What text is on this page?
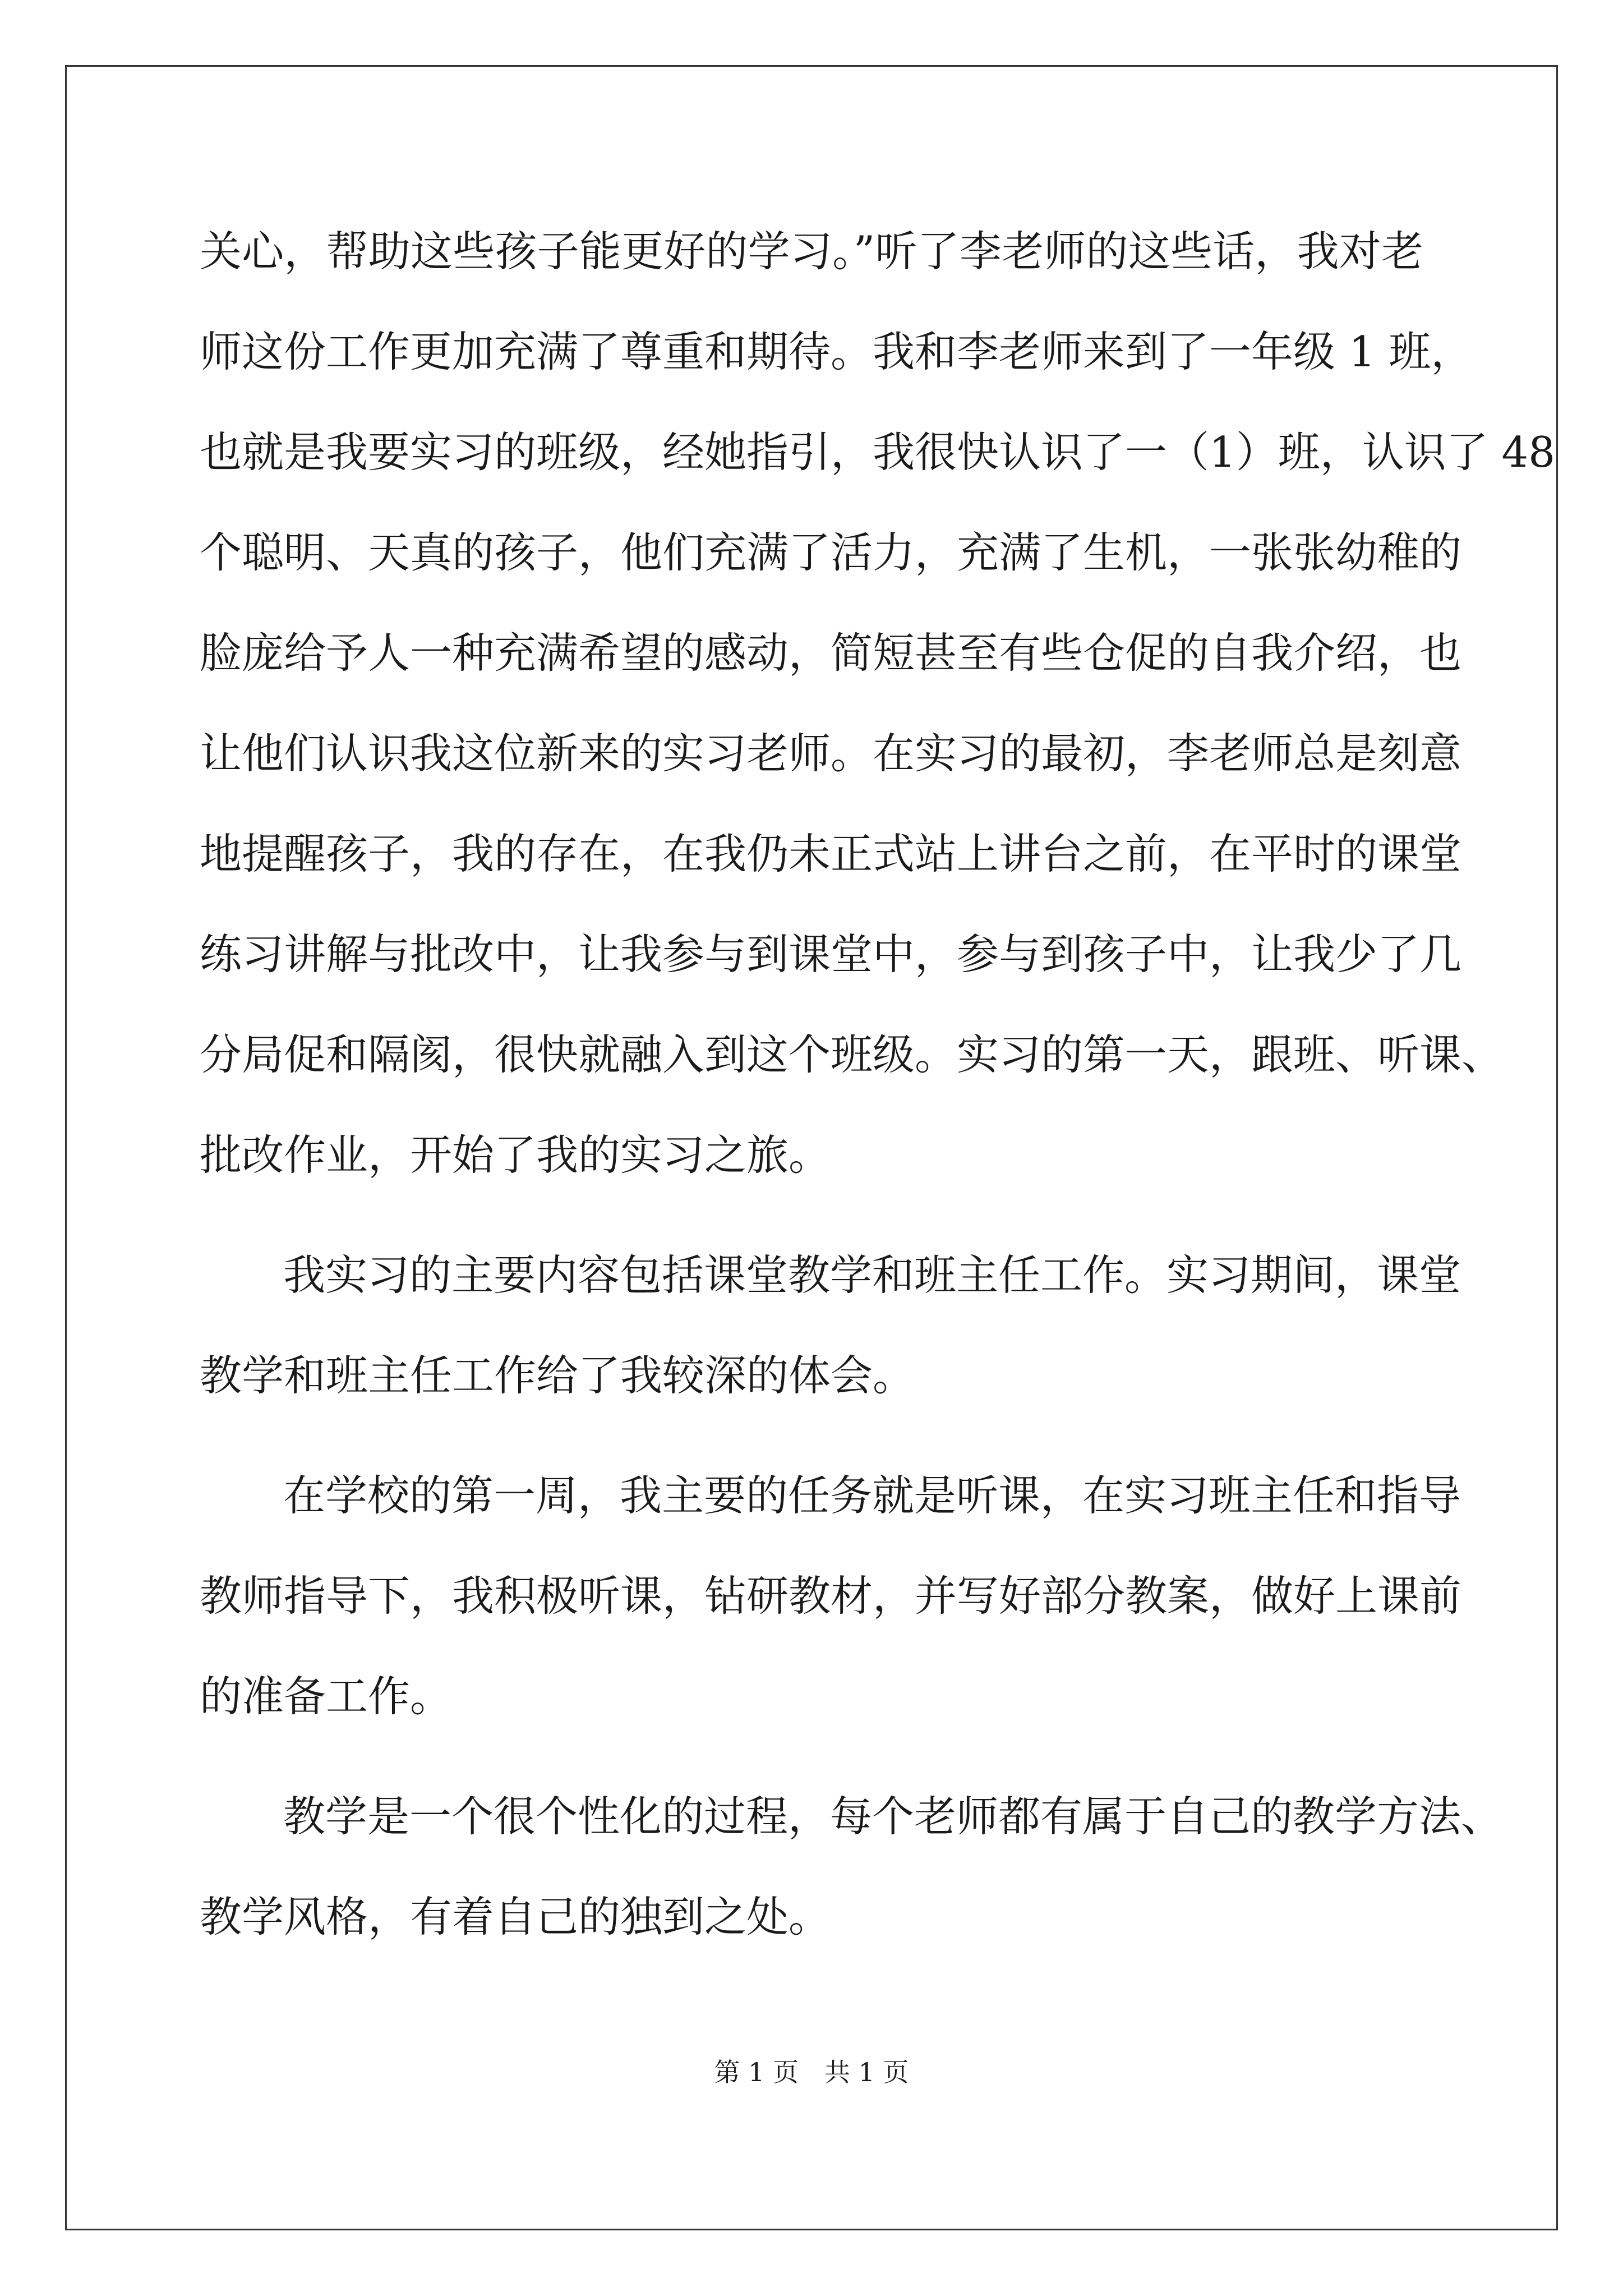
关心，帮助这些孩子能更好的学习。”听了李老师的这些话，我对老
师这份工作更加充满了尊重和期待。我和李老师来到了一年级 1 班，
也就是我要实习的班级，经她指引，我很快认识了一（1）班，认识了 48
个聪明、天真的孩子，他们充满了活力，充满了生机，一张张幼稚的
脸庞给予人一种充满希望的感动，简短甚至有些仓促的自我介绍，也
让他们认识我这位新来的实习老师。在实习的最初，李老师总是刻意
地提醒孩子，我的存在，在我仍未正式站上讲台之前，在平时的课堂
练习讲解与批改中，让我参与到课堂中，参与到孩子中，让我少了几
分局促和隔阂，很快就融入到这个班级。实习的第一天，跟班、听课、
批改作业，开始了我的实习之旅。
我实习的主要内容包括课堂教学和班主任工作。实习期间，课堂
教学和班主任工作给了我较深的体会。
在学校的第一周，我主要的任务就是听课，在实习班主任和指导
教师指导下，我积极听课，钻研教材，并写好部分教案，做好上课前
的准备工作。
教学是一个很个性化的过程，每个老师都有属于自己的教学方法、
教学风格，有着自己的独到之处。
第 1 页 共 1 页
